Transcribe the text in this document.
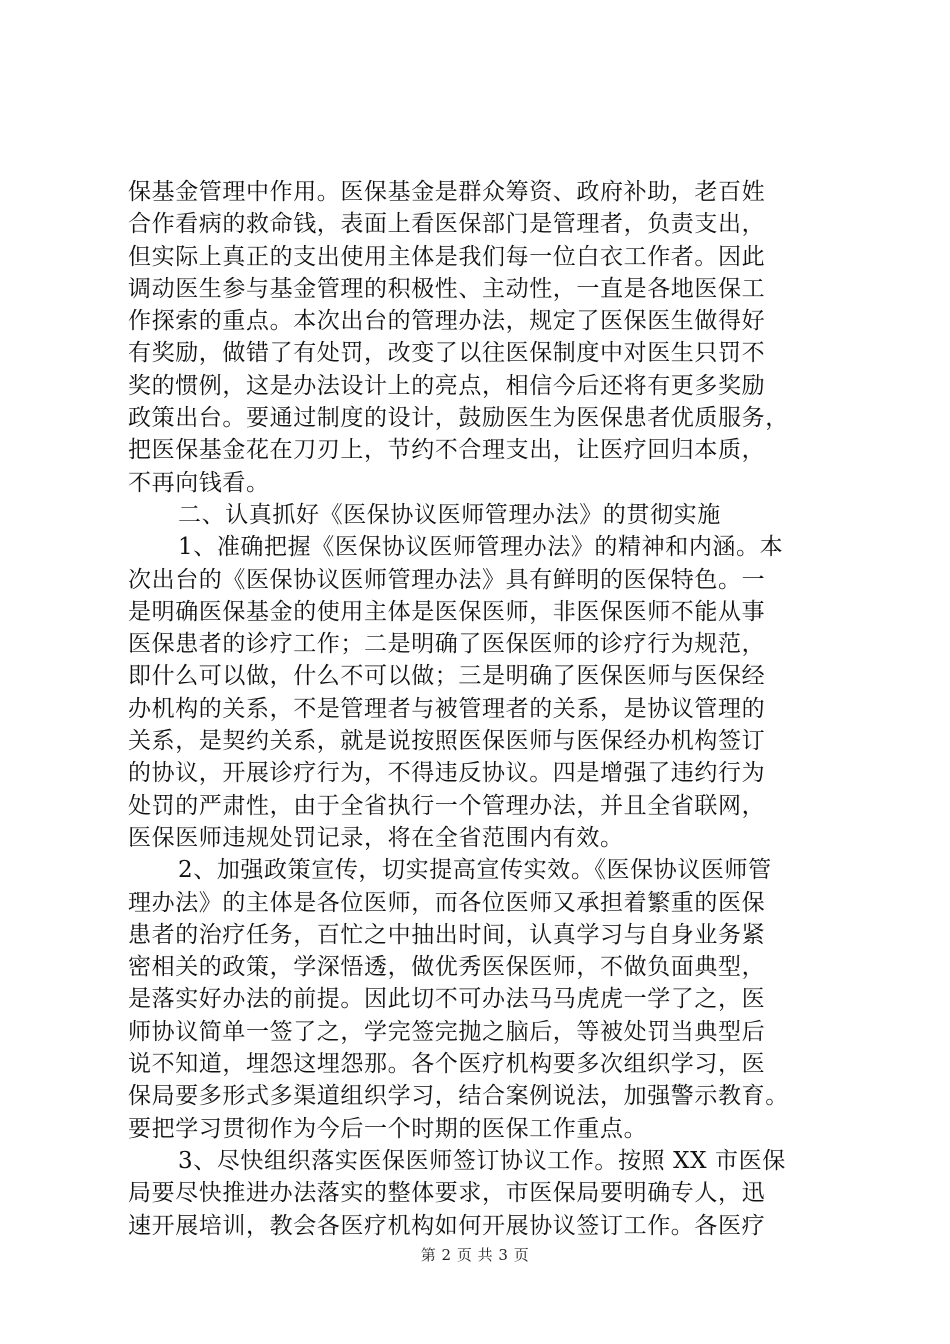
保基金管理中作用。医保基金是群众筹资、政府补助，老百姓
合作看病的救命钱，表面上看医保部门是管理者，负责支出，
但实际上真正的支出使用主体是我们每一位白衣工作者。因此
调动医生参与基金管理的积极性、主动性，一直是各地医保工
作探索的重点。本次出台的管理办法，规定了医保医生做得好
有奖励，做错了有处罚，改变了以往医保制度中对医生只罚不
奖的惯例，这是办法设计上的亮点，相信今后还将有更多奖励
政策出台。要通过制度的设计，鼓励医生为医保患者优质服务，
把医保基金花在刀刃上，节约不合理支出，让医疗回归本质，
不再向钱看。
二、认真抓好《医保协议医师管理办法》的贯彻实施
1、准确把握《医保协议医师管理办法》的精神和内涵。本
次出台的《医保协议医师管理办法》具有鲜明的医保特色。一
是明确医保基金的使用主体是医保医师，非医保医师不能从事
医保患者的诊疗工作；二是明确了医保医师的诊疗行为规范，
即什么可以做，什么不可以做；三是明确了医保医师与医保经
办机构的关系，不是管理者与被管理者的关系，是协议管理的
关系，是契约关系，就是说按照医保医师与医保经办机构签订
的协议，开展诊疗行为，不得违反协议。四是增强了违约行为
处罚的严肃性，由于全省执行一个管理办法，并且全省联网，
医保医师违规处罚记录，将在全省范围内有效。
2、加强政策宣传，切实提高宣传实效。《医保协议医师管
理办法》的主体是各位医师，而各位医师又承担着繁重的医保
患者的治疗任务，百忙之中抽出时间，认真学习与自身业务紧
密相关的政策，学深悟透，做优秀医保医师，不做负面典型，
是落实好办法的前提。因此切不可办法马马虎虎一学了之，医
师协议简单一签了之，学完签完抛之脑后，等被处罚当典型后
说不知道，埋怨这埋怨那。各个医疗机构要多次组织学习，医
保局要多形式多渠道组织学习，结合案例说法，加强警示教育。
要把学习贯彻作为今后一个时期的医保工作重点。
3、尽快组织落实医保医师签订协议工作。按照 XX 市医保
局要尽快推进办法落实的整体要求，市医保局要明确专人，迅
速开展培训，教会各医疗机构如何开展协议签订工作。各医疗
第 2 页 共 3 页
